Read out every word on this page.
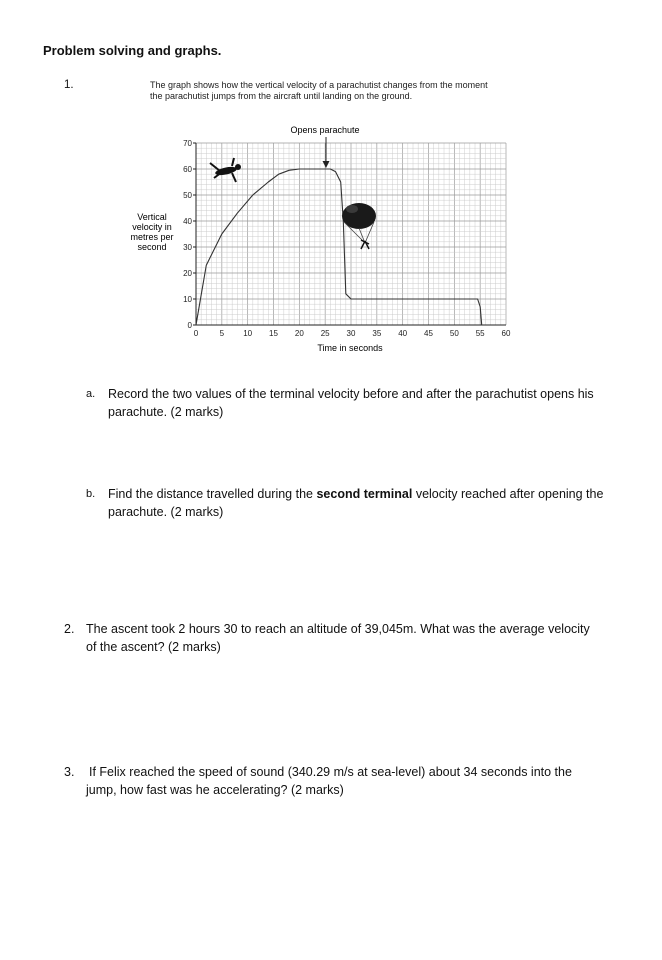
Problem solving and graphs.
1.	The graph shows how the vertical velocity of a parachutist changes from the moment
the parachutist jumps from the aircraft until landing on the ground.
0
10
20
30
40
50
60
70
0	5 10 15 20 25 30 35 40 45 50 55 60
Vertical
velocity in
metres per
second
Time in seconds
Opens parachute
a. Record the two values of the terminal velocity before and after the parachutist opens his
parachute. (2 marks)
b. Find the distance travelled during the second terminal velocity reached after opening the
parachute. (2 marks)
2. The ascent took 2 hours 30 to reach an altitude of 39,045m. What was the average velocity
of the ascent? (2 marks)
3. If Felix reached the speed of sound (340.29 m/s at sea-level) about 34 seconds into the
jump, how fast was he accelerating? (2 marks)
